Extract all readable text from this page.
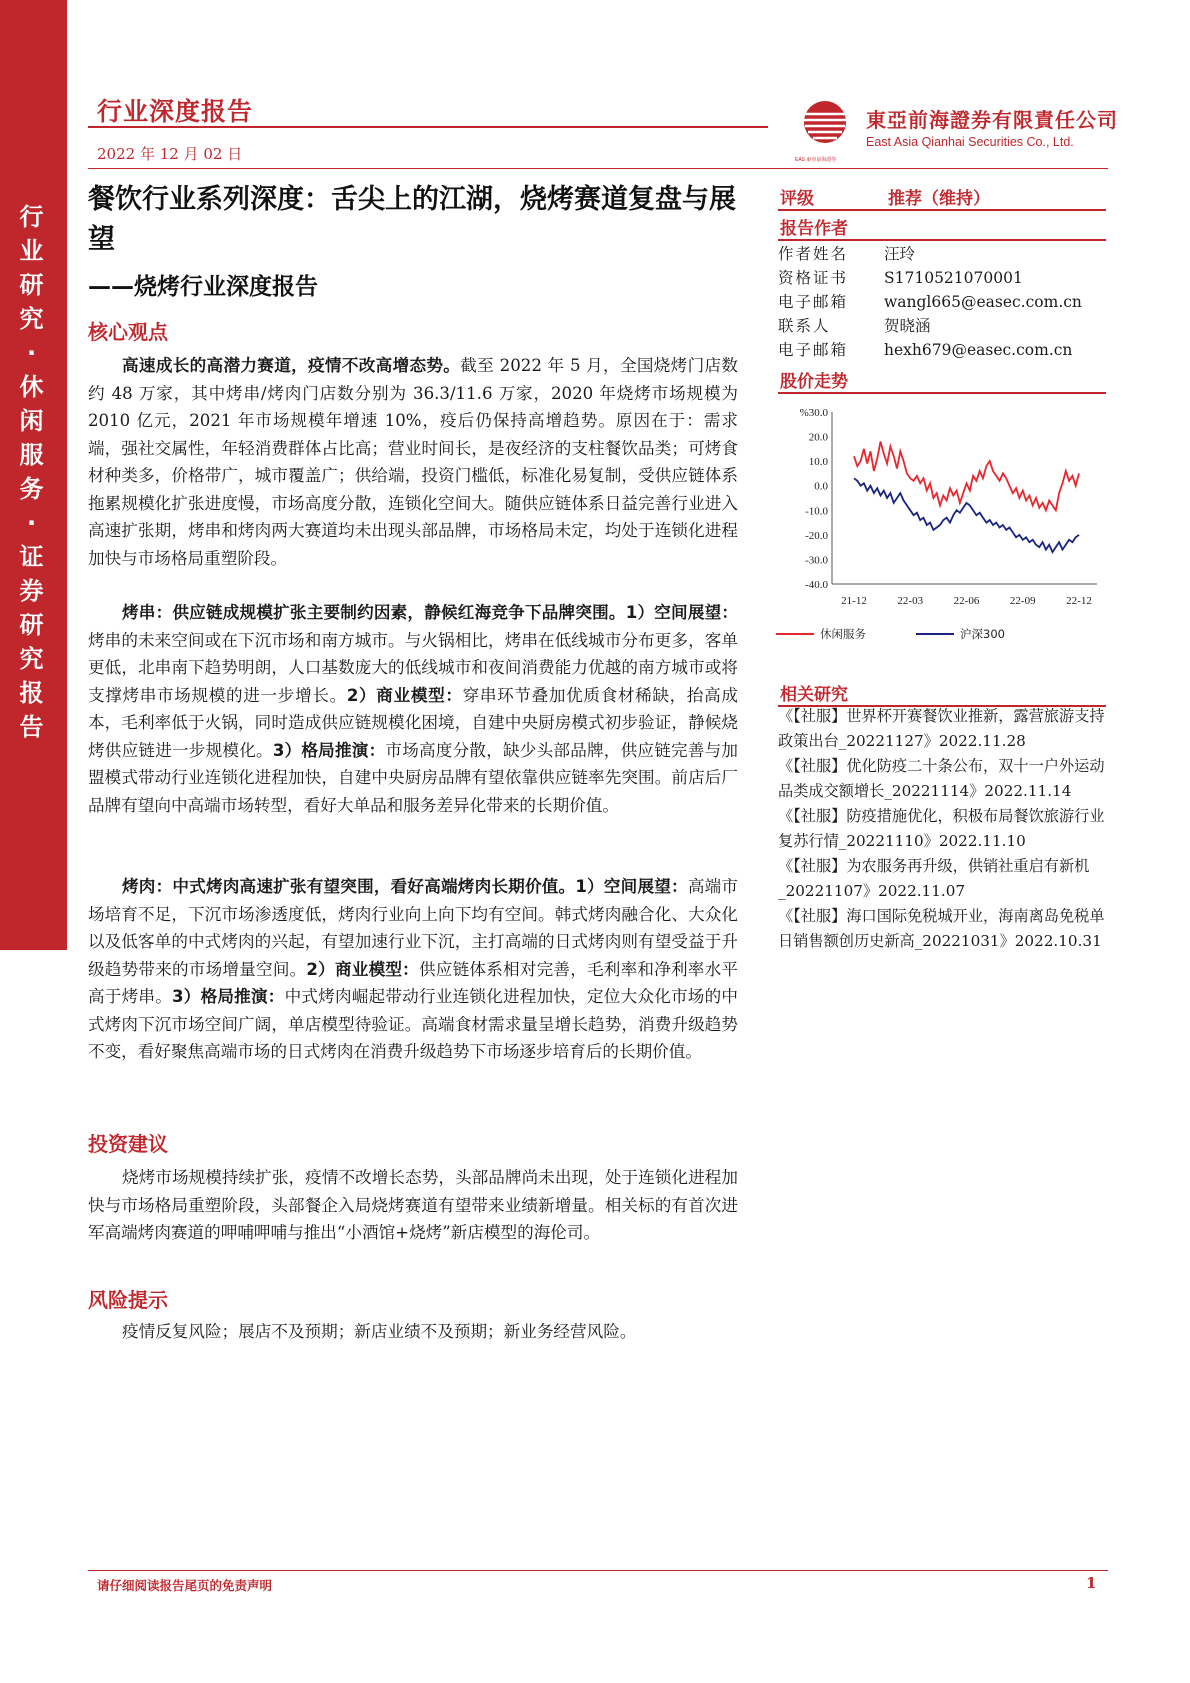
行
业
研
究
·
休
闲
服
务
·
证
券
研
究
报
告
行业深度报告
2022 年 12 月 02 日	EAS 東亞前海證券
東亞前海證券有限責任公司
East Asia Qianhai Securities Co., Ltd.
餐饮行业系列深度：舌尖上的江湖，烧烤赛道复盘与展望
——烧烤行业深度报告
核心观点
高速成长的高潜力赛道，疫情不改高增态势。截至 2022 年 5 月，全国烧烤门店数约 48 万家，其中烤串/烤肉门店数分别为 36.3/11.6 万家，2020 年烧烤市场规模为 2010 亿元，2021 年市场规模年增速 10%，疫后仍保持高增趋势。原因在于：需求端，强社交属性，年轻消费群体占比高；营业时间长，是夜经济的支柱餐饮品类；可烤食材种类多，价格带广，城市覆盖广；供给端，投资门槛低，标准化易复制，受供应链体系拖累规模化扩张进度慢，市场高度分散，连锁化空间大。随供应链体系日益完善行业进入高速扩张期，烤串和烤肉两大赛道均未出现头部品牌，市场格局未定，均处于连锁化进程加快与市场格局重塑阶段。
烤串：供应链成规模扩张主要制约因素，静候红海竞争下品牌突围。1）空间展望：烤串的未来空间或在下沉市场和南方城市。与火锅相比，烤串在低线城市分布更多，客单更低，北串南下趋势明朗，人口基数庞大的低线城市和夜间消费能力优越的南方城市或将支撑烤串市场规模的进一步增长。2）商业模型：穿串环节叠加优质食材稀缺，抬高成本，毛利率低于火锅，同时造成供应链规模化困境，自建中央厨房模式初步验证，静候烧烤供应链进一步规模化。3）格局推演：市场高度分散，缺少头部品牌，供应链完善与加盟模式带动行业连锁化进程加快，自建中央厨房品牌有望依靠供应链率先突围。前店后厂品牌有望向中高端市场转型，看好大单品和服务差异化带来的长期价值。
烤肉：中式烤肉高速扩张有望突围，看好高端烤肉长期价值。1）空间展望：高端市场培育不足，下沉市场渗透度低，烤肉行业向上向下均有空间。韩式烤肉融合化、大众化以及低客单的中式烤肉的兴起，有望加速行业下沉，主打高端的日式烤肉则有望受益于升级趋势带来的市场增量空间。2）商业模型：供应链体系相对完善，毛利率和净利率水平高于烤串。3）格局推演：中式烤肉崛起带动行业连锁化进程加快，定位大众化市场的中式烤肉下沉市场空间广阔，单店模型待验证。高端食材需求量呈增长趋势，消费升级趋势不变，看好聚焦高端市场的日式烤肉在消费升级趋势下市场逐步培育后的长期价值。
投资建议
烧烤市场规模持续扩张，疫情不改增长态势，头部品牌尚未出现，处于连锁化进程加快与市场格局重塑阶段，头部餐企入局烧烤赛道有望带来业绩新增量。相关标的有首次进军高端烤肉赛道的呷哺呷哺与推出“小酒馆+烧烤”新店模型的海伦司。
风险提示
疫情反复风险；展店不及预期；新店业绩不及预期；新业务经营风险。
评级	推荐（维持）
报告作者
作者姓名	汪玲
资格证书	S1710521070001
电子邮箱	wangl665@easec.com.cn
联系人	贺晓涵
电子邮箱	hexh679@easec.com.cn
股价走势
%30.0
20.0
10.0
0.0
-10.0
-20.0
-30.0
-40.0
21-12	22-03	22-06	22-09	22-12
休闲服务	沪深300
相关研究
《【社服】世界杯开赛餐饮业推新，露营旅游支持政策出台_20221127》2022.11.28
《【社服】优化防疫二十条公布，双十一户外运动品类成交额增长_20221114》2022.11.14
《【社服】防疫措施优化，积极布局餐饮旅游行业复苏行情_20221110》2022.11.10
《【社服】为农服务再升级，供销社重启有新机_20221107》2022.11.07
《【社服】海口国际免税城开业，海南离岛免税单日销售额创历史新高_20221031》2022.10.31
请仔细阅读报告尾页的免责声明	1
